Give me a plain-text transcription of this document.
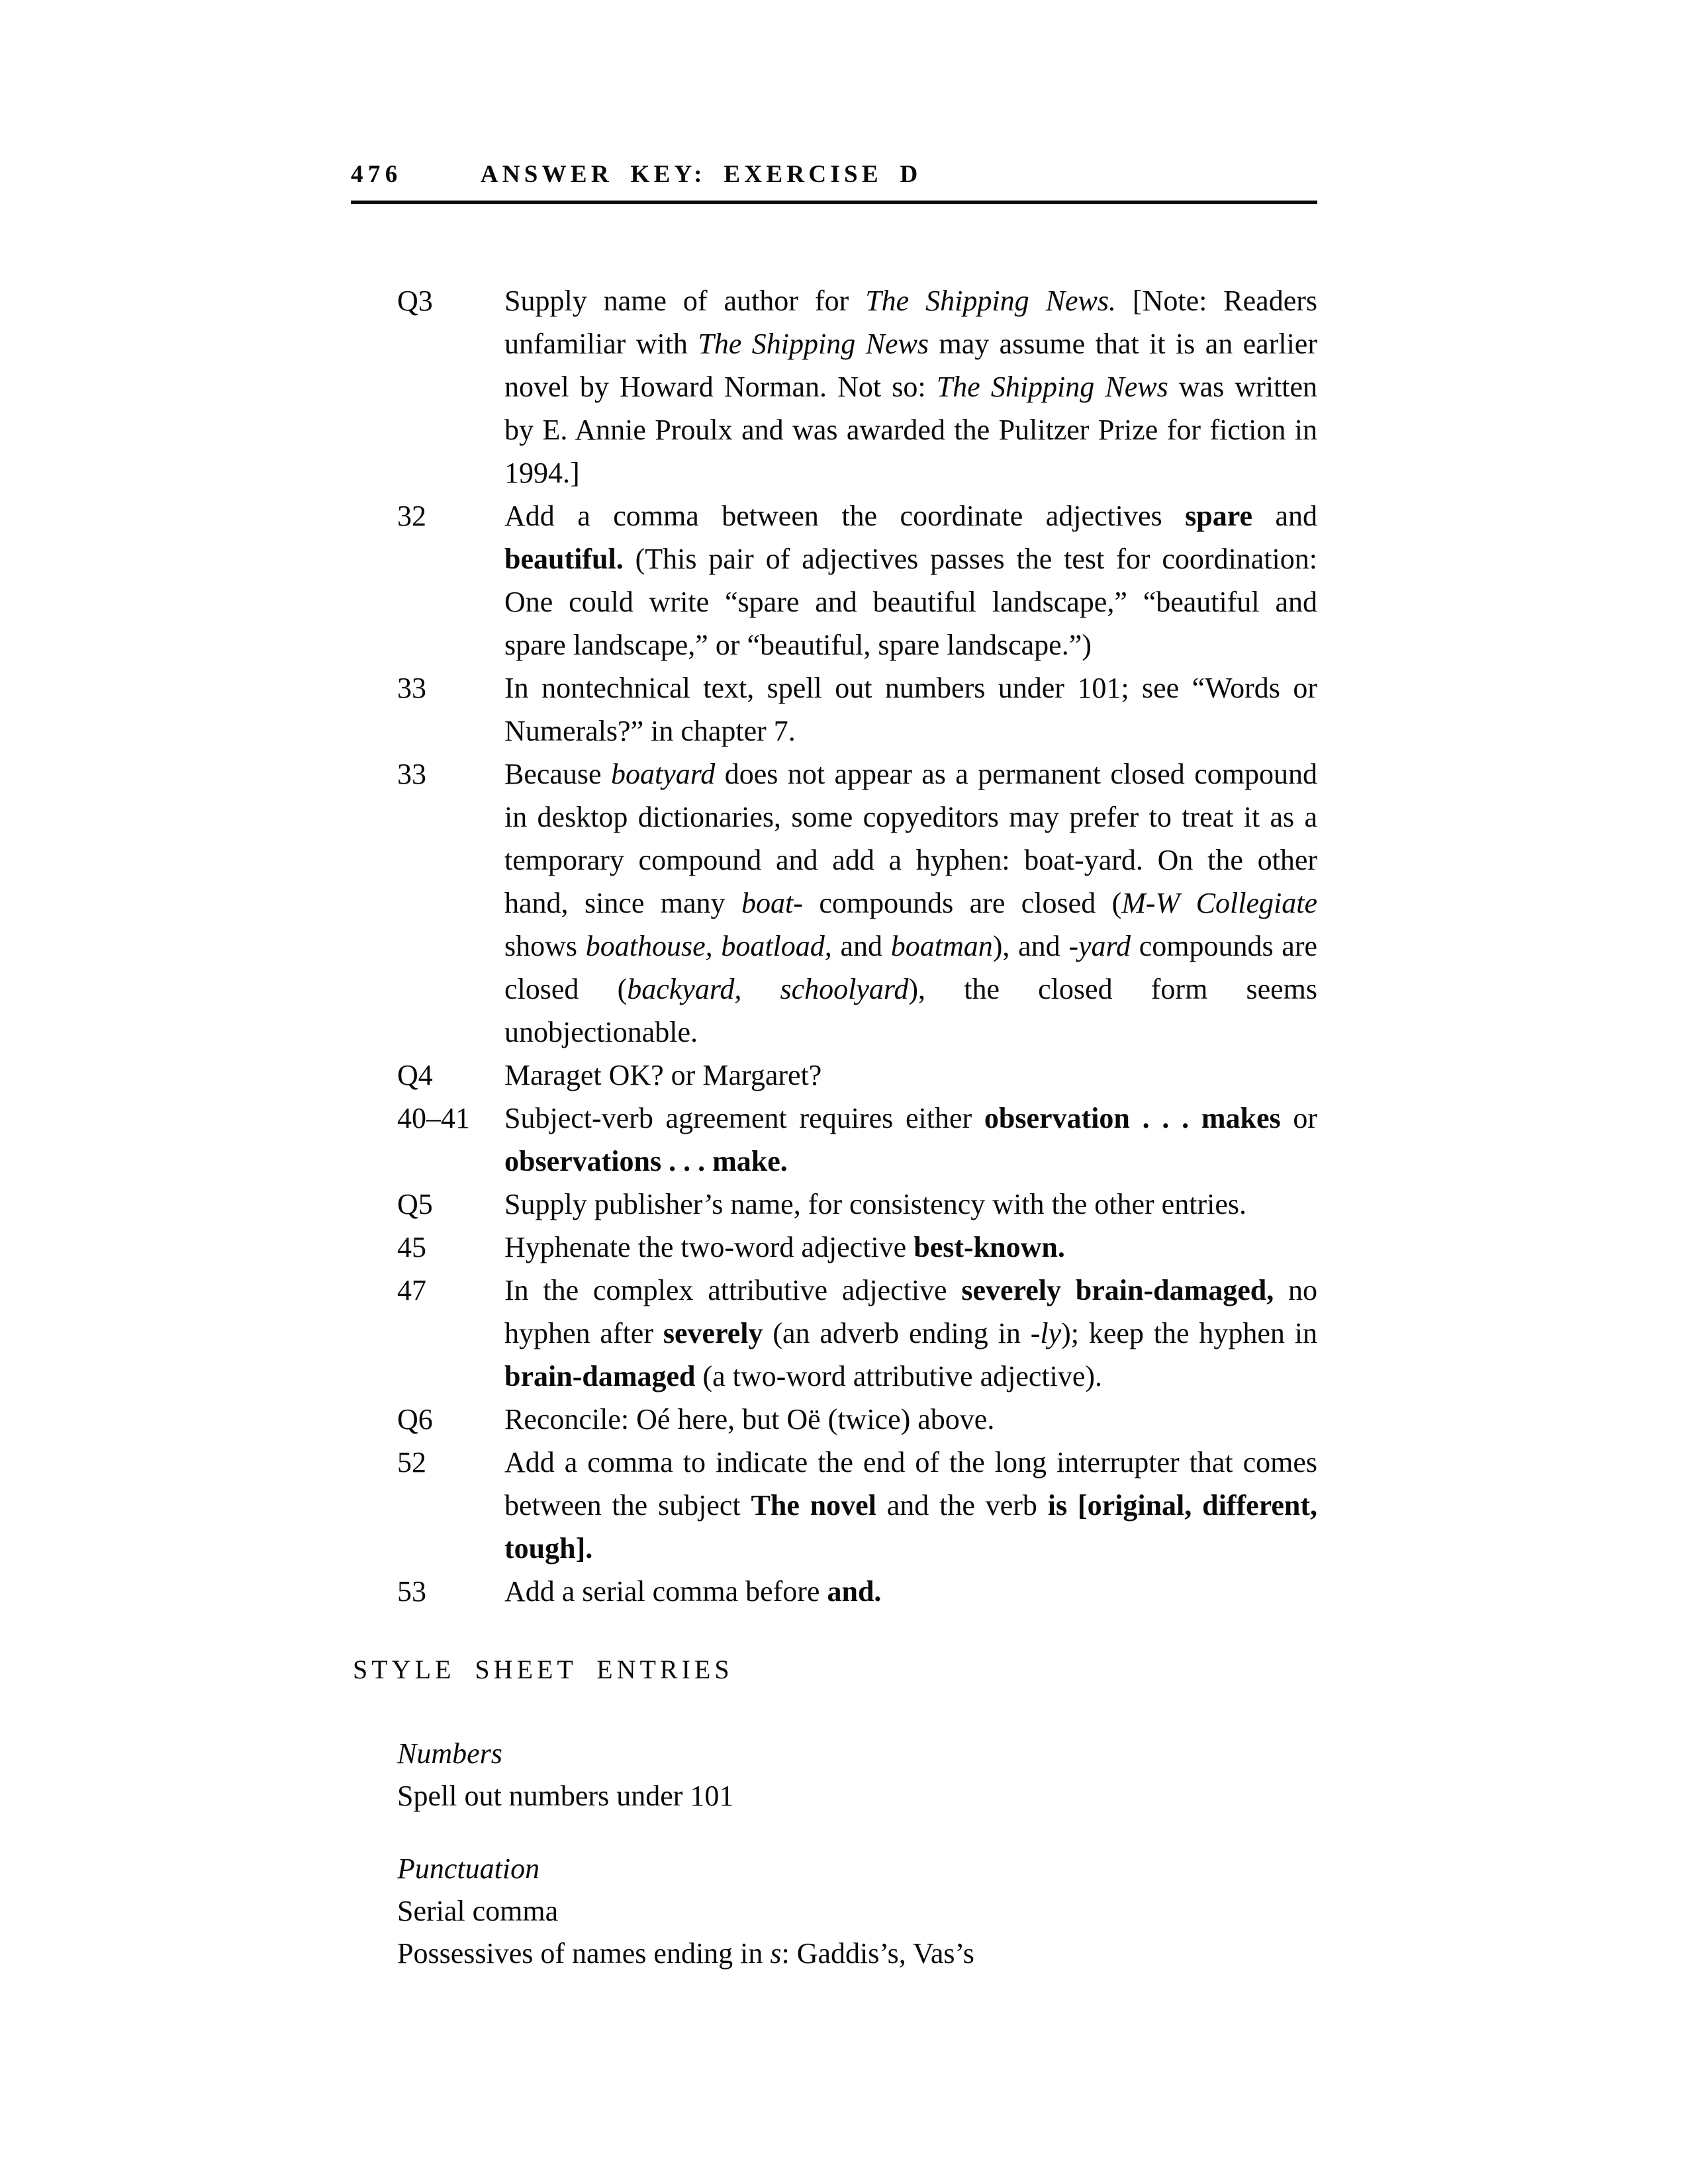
476	ANSWER KEY: EXERCISE D
Q3	Supply name of author for The Shipping News. [Note: Readers unfamiliar with The Shipping News may assume that it is an earlier novel by Howard Norman. Not so: The Shipping News was written by E. Annie Proulx and was awarded the Pulitzer Prize for fiction in 1994.]

32	Add a comma between the coordinate adjectives spare and beautiful. (This pair of adjectives passes the test for coordination: One could write “spare and beautiful landscape,” “beautiful and spare landscape,” or “beautiful, spare landscape.”)

33	In nontechnical text, spell out numbers under 101; see “Words or Numerals?” in chapter 7.

33	Because boatyard does not appear as a permanent closed compound in desktop dictionaries, some copyeditors may prefer to treat it as a temporary compound and add a hyphen: boat-yard. On the other hand, since many boat- compounds are closed (M-W Collegiate shows boathouse, boatload, and boatman), and -yard compounds are closed (backyard, schoolyard), the closed form seems unobjectionable.

Q4	Maraget OK? or Margaret?

40–41	Subject-verb agreement requires either observation . . . makes or observations . . . make.

Q5	Supply publisher’s name, for consistency with the other entries.

45	Hyphenate the two-word adjective best-known.

47	In the complex attributive adjective severely brain-damaged, no hyphen after severely (an adverb ending in -ly); keep the hyphen in brain-damaged (a two-word attributive adjective).

Q6	Reconcile: Oé here, but Oë (twice) above.

52	Add a comma to indicate the end of the long interrupter that comes between the subject The novel and the verb is [original, different, tough].

53	Add a serial comma before and.

STYLE SHEET ENTRIES
Numbers

Spell out numbers under 101

Punctuation

Serial comma

Possessives of names ending in s: Gaddis’s, Vas’s
